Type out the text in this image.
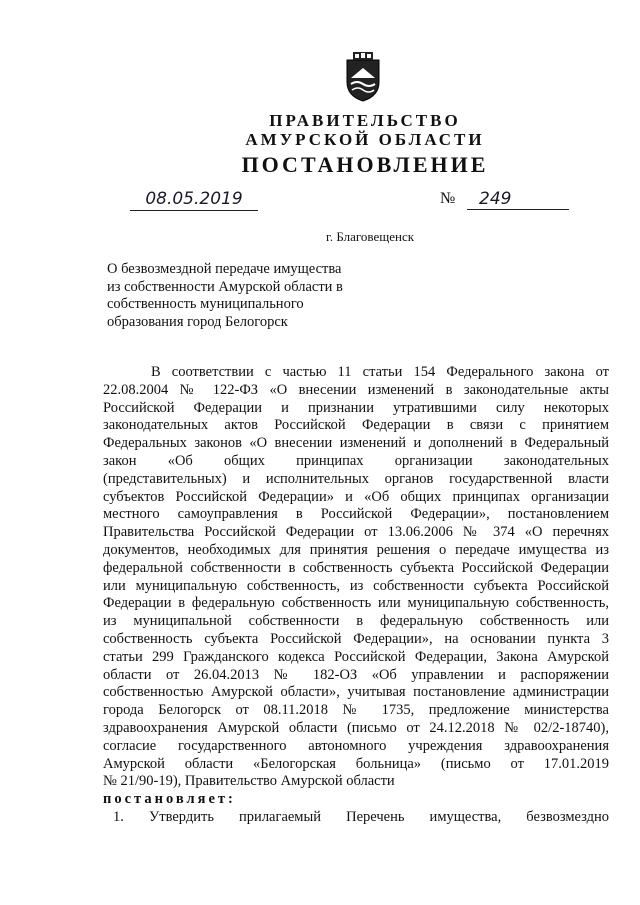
ПРАВИТЕЛЬСТВО
АМУРСКОЙ ОБЛАСТИ
ПОСТАНОВЛЕНИЕ
08.05.2019	№	249
г. Благовещенск
О безвозмездной передаче имущества
из собственности Амурской области в
собственность муниципального
образования город Белогорск
В соответствии с частью 11 статьи 154 Федерального закона от
22.08.2004 № 122-ФЗ «О внесении изменений в законодательные акты
Российской Федерации и признании утратившими силу некоторых
законодательных актов Российской Федерации в связи с принятием
Федеральных законов «О внесении изменений и дополнений в Федеральный
закон «Об общих принципах организации законодательных
(представительных) и исполнительных органов государственной власти
субъектов Российской Федерации» и «Об общих принципах организации
местного самоуправления в Российской Федерации», постановлением
Правительства Российской Федерации от 13.06.2006 № 374 «О перечнях
документов, необходимых для принятия решения о передаче имущества из
федеральной собственности в собственность субъекта Российской Федерации
или муниципальную собственность, из собственности субъекта Российской
Федерации в федеральную собственность или муниципальную собственность,
из муниципальной собственности в федеральную собственность или
собственность субъекта Российской Федерации», на основании пункта 3
статьи 299 Гражданского кодекса Российской Федерации, Закона Амурской
области от 26.04.2013 № 182-ОЗ «Об управлении и распоряжении
собственностью Амурской области», учитывая постановление администрации
города Белогорск от 08.11.2018 № 1735, предложение министерства
здравоохранения Амурской области (письмо от 24.12.2018 № 02/2-18740),
согласие государственного автономного учреждения здравоохранения
Амурской области «Белогорская больница» (письмо от 17.01.2019
№ 21/90-19), Правительство Амурской области
постановляет:
1. Утвердить прилагаемый Перечень имущества, безвозмездно
